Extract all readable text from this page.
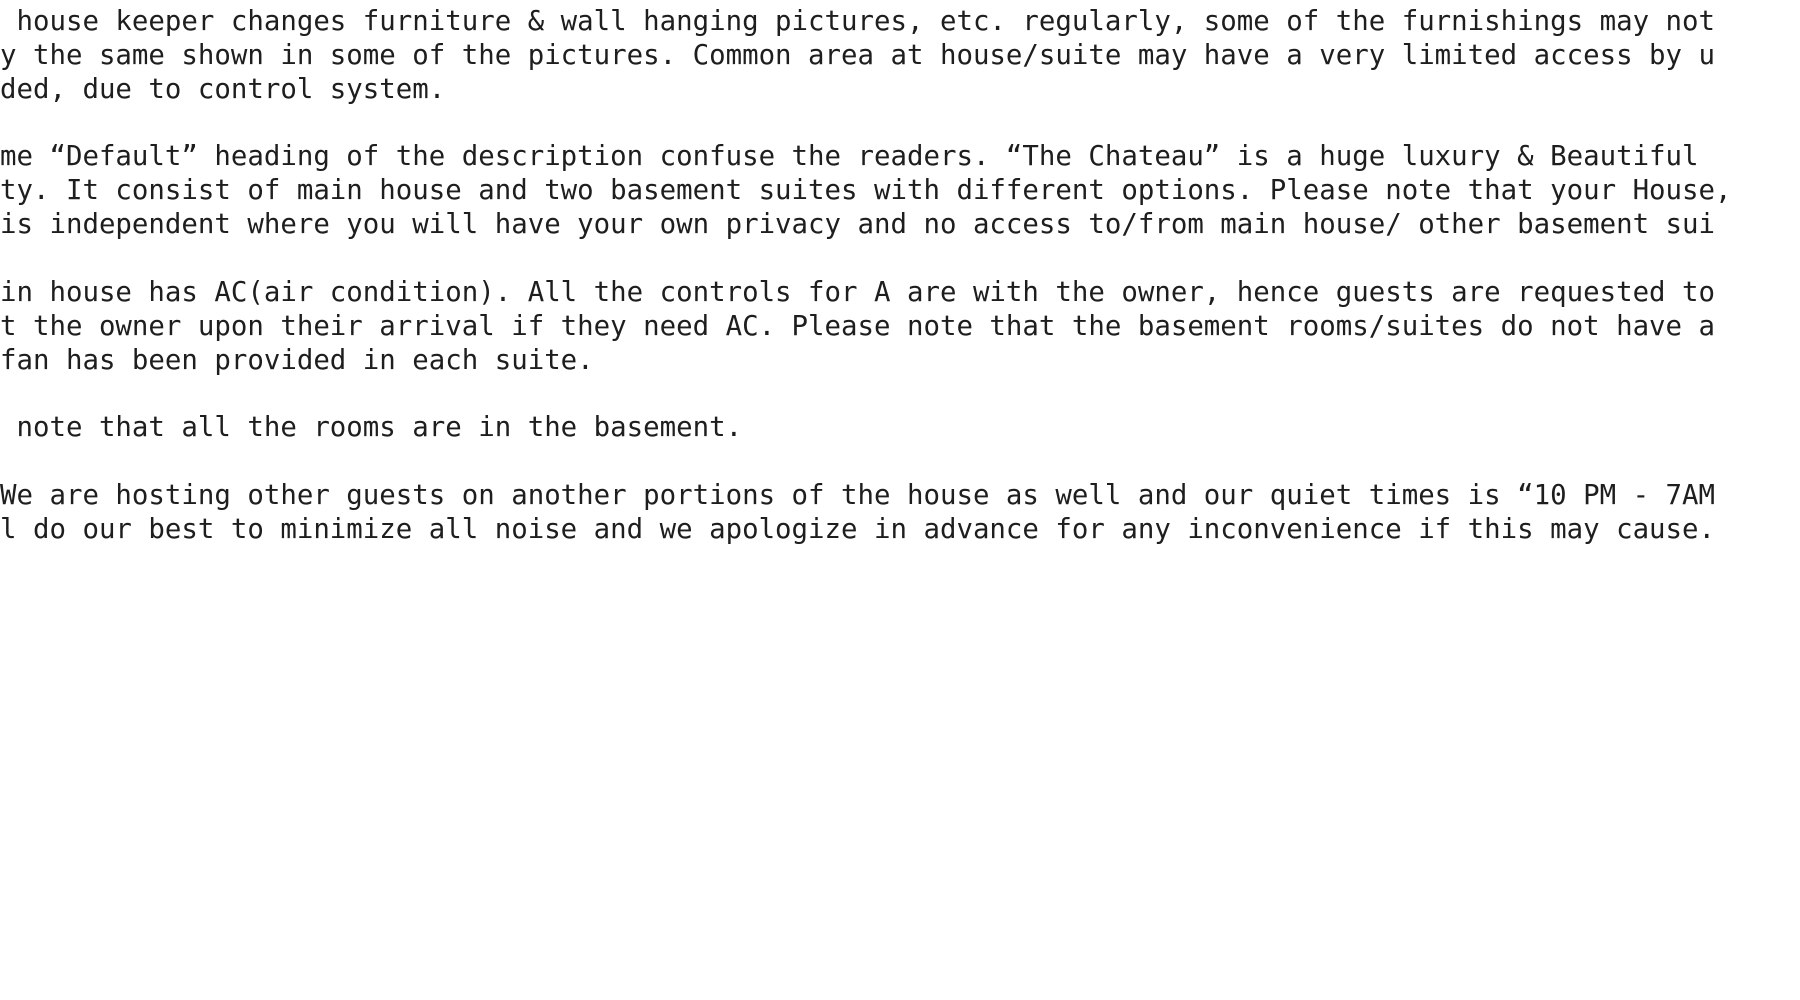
house keeper changes furniture & wall hanging pictures, etc. regularly, some of the furnishings may not
y the same shown in some of the pictures. Common area at house/suite may have a very limited access by u
ded, due to control system.
me “Default” heading of the description confuse the readers. “The Chateau” is a huge luxury & Beautiful
ty. It consist of main house and two basement suites with different options. Please note that your House,
is independent where you will have your own privacy and no access to/from main house/ other basement sui
in house has AC(air condition). All the controls for A are with the owner, hence guests are requested to
t the owner upon their arrival if they need AC. Please note that the basement rooms/suites do not have a
fan has been provided in each suite.
note that all the rooms are in the basement.
We are hosting other guests on another portions of the house as well and our quiet times is “10 PM - 7AM
l do our best to minimize all noise and we apologize in advance for any inconvenience if this may cause.
